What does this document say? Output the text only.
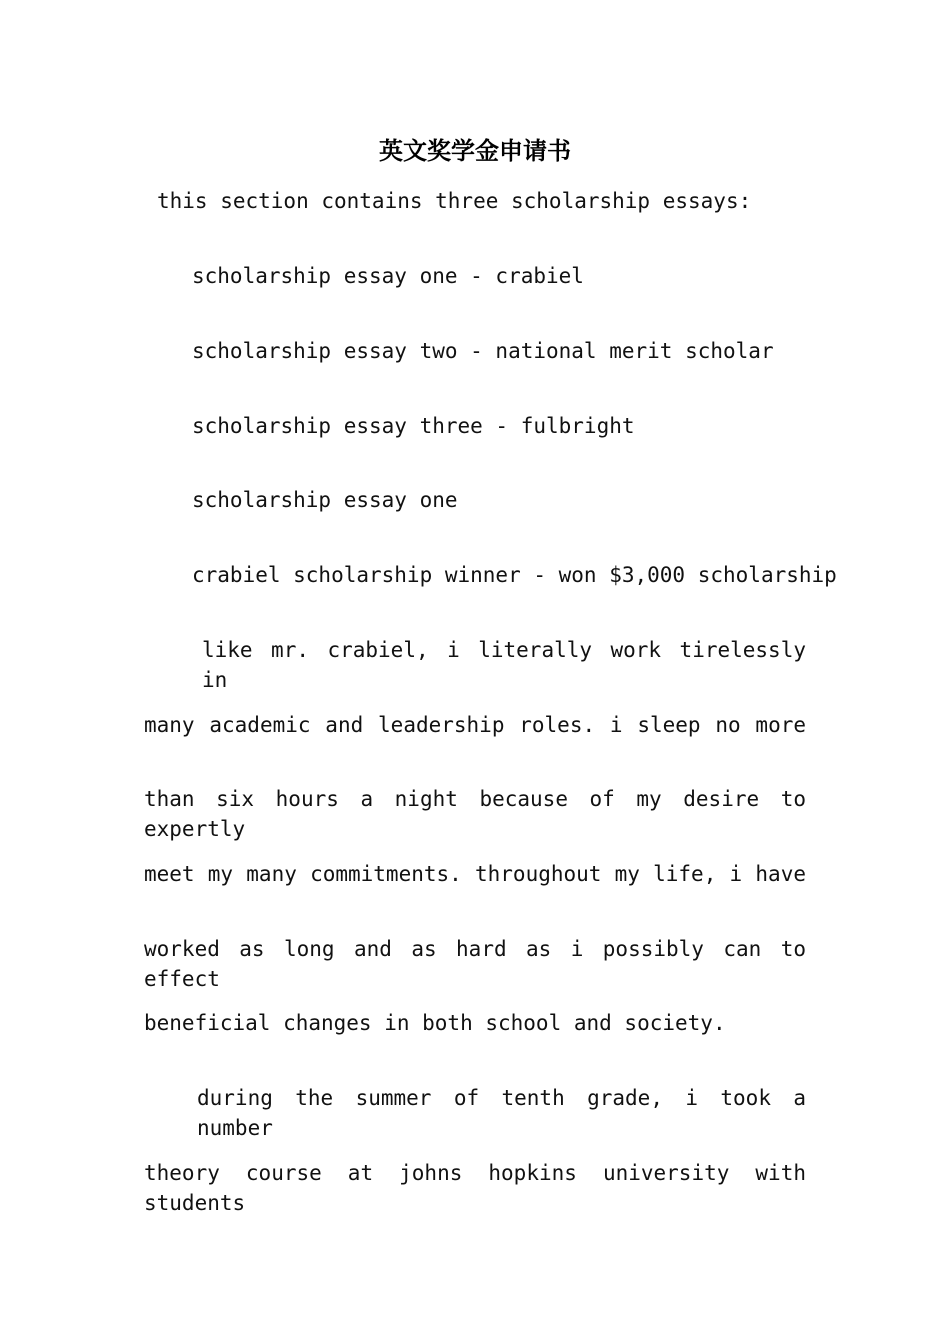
英文奖学金申请书
this section contains three scholarship essays:
scholarship essay one - crabiel
scholarship essay two - national merit scholar
scholarship essay three - fulbright
scholarship essay one
crabiel scholarship winner - won $3,000 scholarship
like mr. crabiel, i literally work tirelessly in
many academic and leadership roles. i sleep no more
than six hours a night because of my desire to expertly
meet my many commitments. throughout my life, i have
worked as long and as hard as i possibly can to effect
beneficial changes in both school and society.
during the summer of tenth grade, i took a number
theory course at johns hopkins university with students
